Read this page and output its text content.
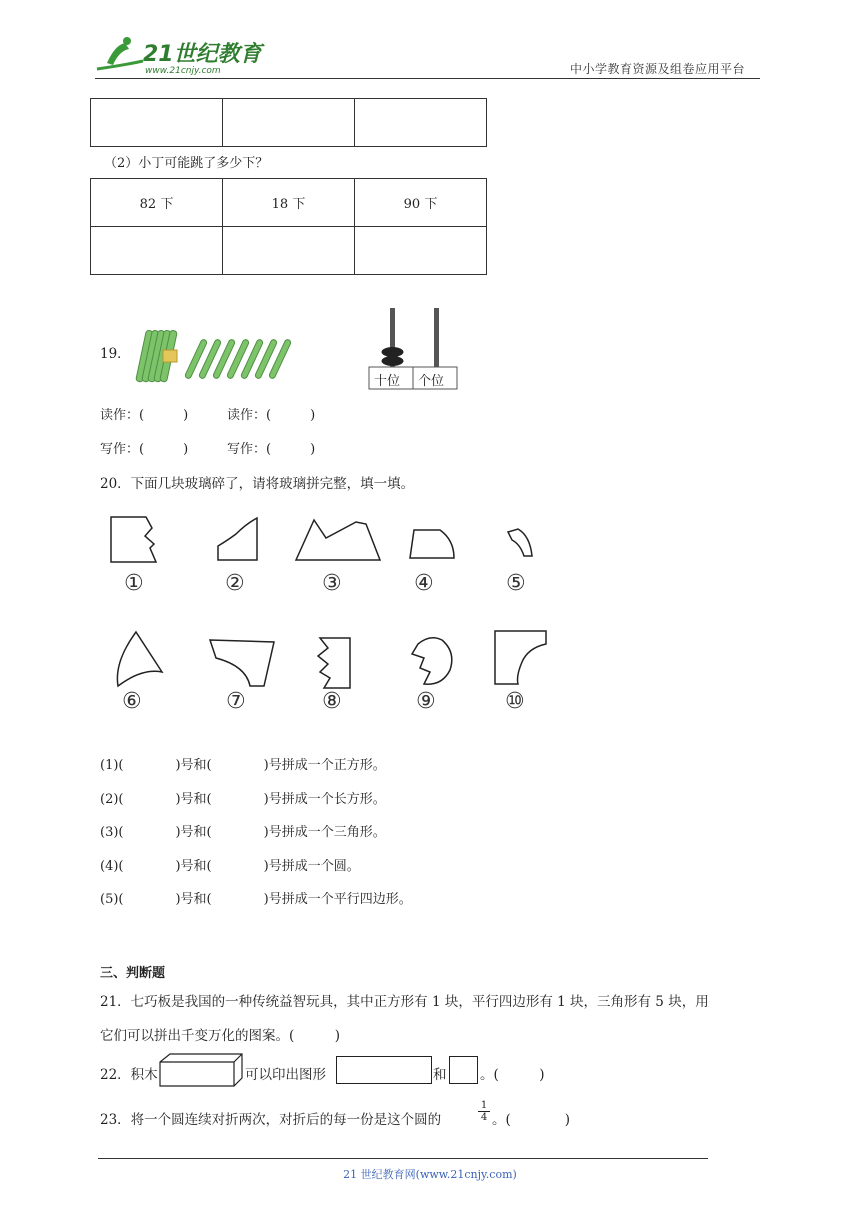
21世纪教育
www.21cnjy.com	中小学教育资源及组卷应用平台

（2）小丁可能跳了多少下？
82 下	18 下	90 下

19．
十位 个位
读作：(　　　)	读作：(　　　)
写作：(　　　)	写作：(　　　)
20．下面几块玻璃碎了，请将玻璃拼完整，填一填。
①	②	③	④	⑤
⑥	⑦	⑧	⑨	⑩
(1)(　　　　)号和(　　　　)号拼成一个正方形。
(2)(　　　　)号和(　　　　)号拼成一个长方形。
(3)(　　　　)号和(　　　　)号拼成一个三角形。
(4)(　　　　)号和(　　　　)号拼成一个圆。
(5)(　　　　)号和(　　　　)号拼成一个平行四边形。
三、判断题
21．七巧板是我国的一种传统益智玩具，其中正方形有 1 块，平行四边形有 1 块，三角形有 5 块，用
它们可以拼出千变万化的图案。(　　　)
22．积木	可以印出图形	和 。(　　　)
23．将一个圆连续对折两次，对折后的每一份是这个圆的	$\frac{1}{4}$ 。(　　　　)
21 世纪教育网(www.21cnjy.com)
